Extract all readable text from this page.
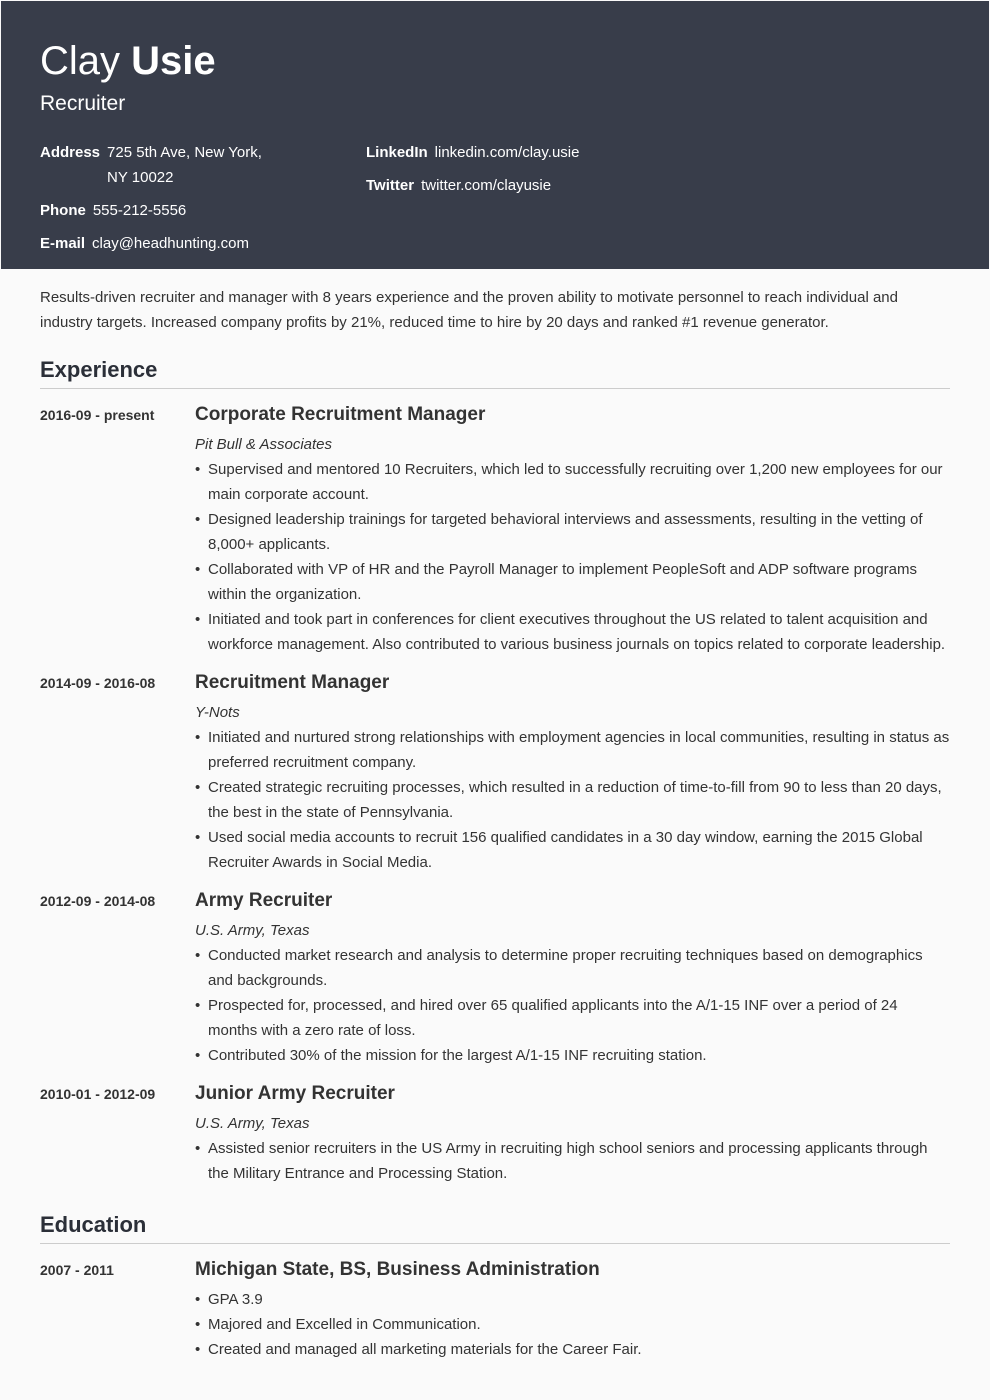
Clay Usie
Recruiter
Address 725 5th Ave, New York,
NY 10022
Phone 555-212-5556
E-mail clay@headhunting.com
LinkedIn linkedin.com/clay.usie
Twitter twitter.com/clayusie

Results-driven recruiter and manager with 8 years experience and the proven ability to motivate personnel to reach individual and industry targets. Increased company profits by 21%, reduced time to hire by 20 days and ranked #1 revenue generator.

Experience
2016-09 - present	Corporate Recruitment Manager
Pit Bull & Associates
• Supervised and mentored 10 Recruiters, which led to successfully recruiting over 1,200 new employees for our main corporate account.
• Designed leadership trainings for targeted behavioral interviews and assessments, resulting in the vetting of 8,000+ applicants.
• Collaborated with VP of HR and the Payroll Manager to implement PeopleSoft and ADP software programs within the organization.
• Initiated and took part in conferences for client executives throughout the US related to talent acquisition and workforce management. Also contributed to various business journals on topics related to corporate leadership.
2014-09 - 2016-08	Recruitment Manager
Y-Nots
• Initiated and nurtured strong relationships with employment agencies in local communities, resulting in status as preferred recruitment company.
• Created strategic recruiting processes, which resulted in a reduction of time-to-fill from 90 to less than 20 days, the best in the state of Pennsylvania.
• Used social media accounts to recruit 156 qualified candidates in a 30 day window, earning the 2015 Global Recruiter Awards in Social Media.
2012-09 - 2014-08	Army Recruiter
U.S. Army, Texas
• Conducted market research and analysis to determine proper recruiting techniques based on demographics and backgrounds.
• Prospected for, processed, and hired over 65 qualified applicants into the A/1-15 INF over a period of 24 months with a zero rate of loss.
• Contributed 30% of the mission for the largest A/1-15 INF recruiting station.
2010-01 - 2012-09	Junior Army Recruiter
U.S. Army, Texas
• Assisted senior recruiters in the US Army in recruiting high school seniors and processing applicants through the Military Entrance and Processing Station.
Education
2007 - 2011	Michigan State, BS, Business Administration
• GPA 3.9
• Majored and Excelled in Communication.
• Created and managed all marketing materials for the Career Fair.
